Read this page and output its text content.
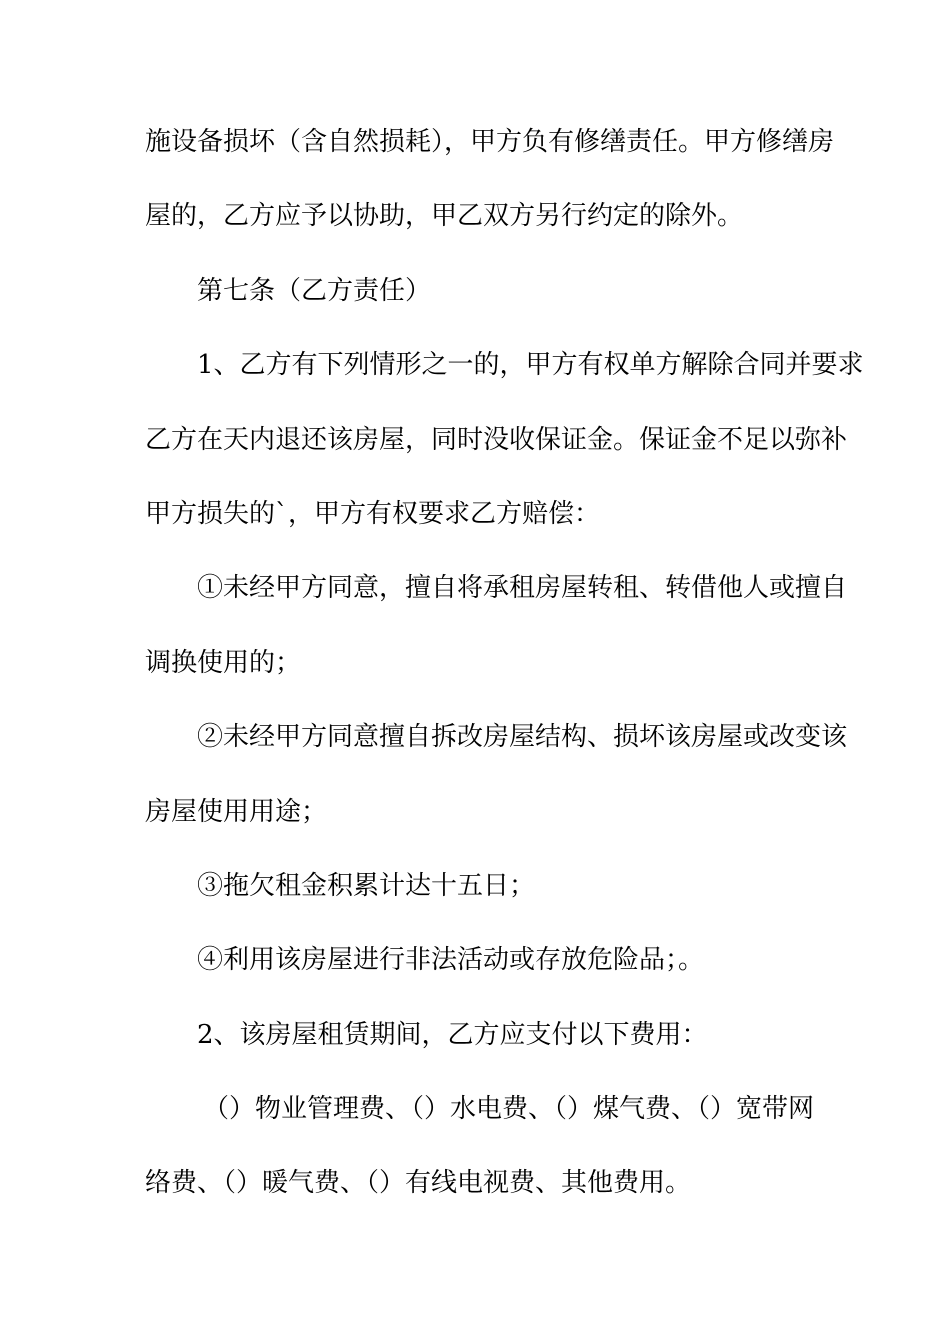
施设备损坏（含自然损耗），甲方负有修缮责任。甲方修缮房
屋的，乙方应予以协助，甲乙双方另行约定的除外。
第七条（乙方责任）
1、乙方有下列情形之一的，甲方有权单方解除合同并要求
乙方在天内退还该房屋，同时没收保证金。保证金不足以弥补
甲方损失的`，甲方有权要求乙方赔偿：
①未经甲方同意，擅自将承租房屋转租、转借他人或擅自
调换使用的；
②未经甲方同意擅自拆改房屋结构、损坏该房屋或改变该
房屋使用用途；
③拖欠租金积累计达十五日；
④利用该房屋进行非法活动或存放危险品；。
2、该房屋租赁期间，乙方应支付以下费用：
（）物业管理费、（）水电费、（）煤气费、（）宽带网
络费、（）暖气费、（）有线电视费、其他费用。
